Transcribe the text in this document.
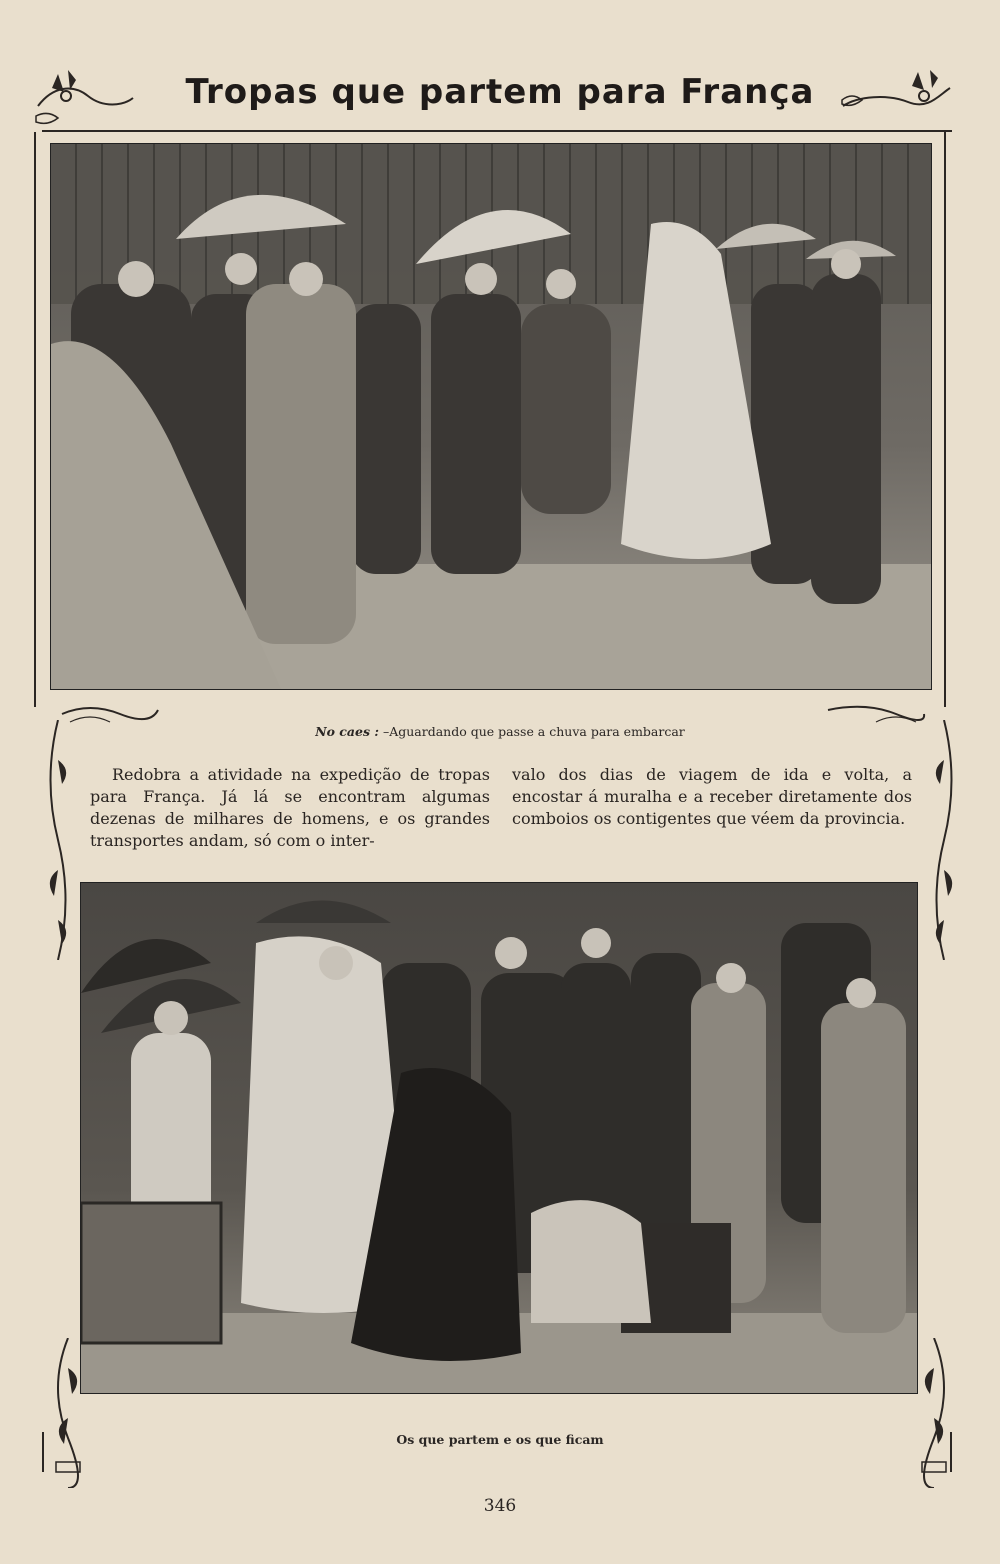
Tropas que partem para França
No caes : –Aguardando que passe a chuva para embarcar

Redobra a atividade na expedição de tropas para França. Já lá se encontram algumas dezenas de milhares de homens, e os grandes transportes andam, só com o inter-

valo dos dias de viagem de ida e volta, a encostar á muralha e a receber diretamente dos comboios os contigentes que véem da provincia.

Os que partem e os que ficam
346
